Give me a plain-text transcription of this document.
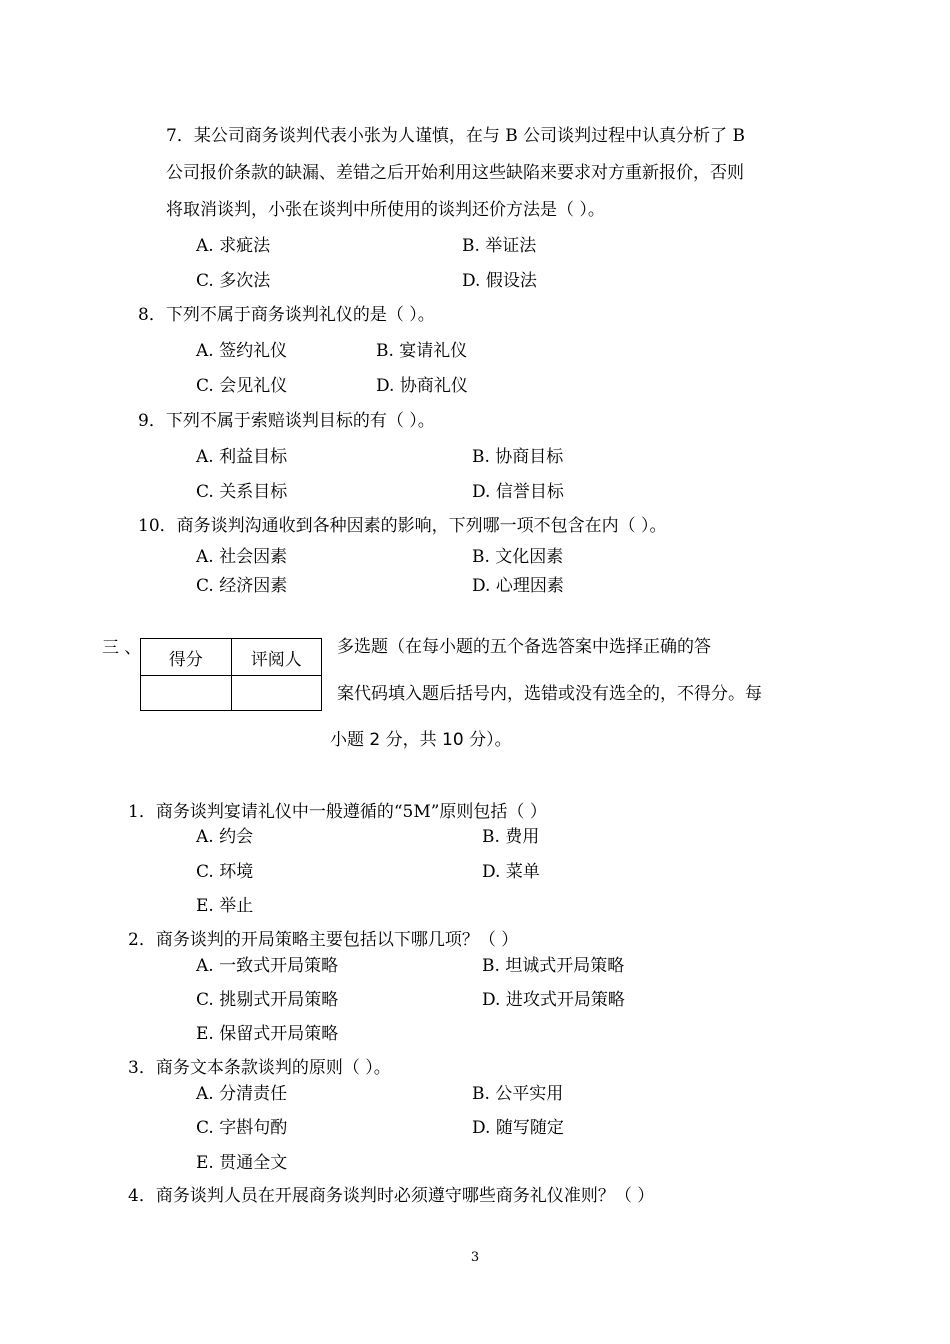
7．某公司商务谈判代表小张为人谨慎，在与 B 公司谈判过程中认真分析了 B
公司报价条款的缺漏、差错之后开始利用这些缺陷来要求对方重新报价，否则
将取消谈判，小张在谈判中所使用的谈判还价方法是（ ）。
A. 求疵法	B. 举证法
C. 多次法	D. 假设法
8．下列不属于商务谈判礼仪的是（ ）。
A. 签约礼仪	B. 宴请礼仪
C. 会见礼仪	D. 协商礼仪
9．下列不属于索赔谈判目标的有（ ）。
A. 利益目标	B. 协商目标
C. 关系目标	D. 信誉目标
10．商务谈判沟通收到各种因素的影响，下列哪一项不包含在内（ ）。
A. 社会因素	B. 文化因素
C. 经济因素	D. 心理因素
三 、
得分	评阅人

多选题（在每小题的五个备选答案中选择正确的答
案代码填入题后括号内，选错或没有选全的，不得分。每
小题 2 分，共 10 分）。
1．商务谈判宴请礼仪中一般遵循的“5M”原则包括（ ）
A. 约会	B. 费用
C. 环境	D. 菜单
E. 举止
2．商务谈判的开局策略主要包括以下哪几项？（ ）
A. 一致式开局策略	B. 坦诚式开局策略
C. 挑剔式开局策略	D. 进攻式开局策略
E. 保留式开局策略
3．商务文本条款谈判的原则（ ）。
A. 分清责任	B. 公平实用
C. 字斟句酌	D. 随写随定
E. 贯通全文
4．商务谈判人员在开展商务谈判时必须遵守哪些商务礼仪准则？（ ）
3
